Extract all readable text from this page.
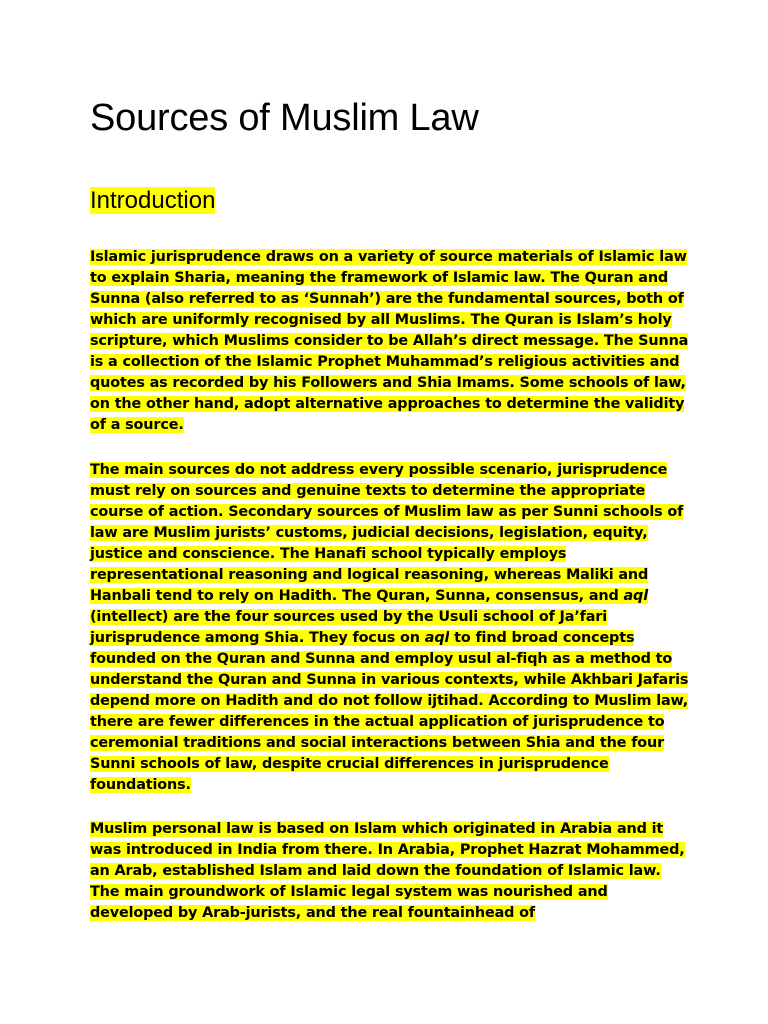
Sources of Muslim Law
Introduction

Islamic jurisprudence draws on a variety of source materials of Islamic law to explain Sharia, meaning the framework of Islamic law. The Quran and Sunna (also referred to as ‘Sunnah’) are the fundamental sources, both of which are uniformly recognised by all Muslims. The Quran is Islam’s holy scripture, which Muslims consider to be Allah’s direct message. The Sunna is a collection of the Islamic Prophet Muhammad’s religious activities and quotes as recorded by his Followers and Shia Imams. Some schools of law, on the other hand, adopt alternative approaches to determine the validity of a source.

The main sources do not address every possible scenario, jurisprudence must rely on sources and genuine texts to determine the appropriate course of action. Secondary sources of Muslim law as per Sunni schools of law are Muslim jurists’ customs, judicial decisions, legislation, equity, justice and conscience. The Hanafi school typically employs representational reasoning and logical reasoning, whereas Maliki and Hanbali tend to rely on Hadith. The Quran, Sunna, consensus, and aql (intellect) are the four sources used by the Usuli school of Ja’fari jurisprudence among Shia. They focus on aql to find broad concepts founded on the Quran and Sunna and employ usul al-fiqh as a method to understand the Quran and Sunna in various contexts, while Akhbari Jafaris depend more on Hadith and do not follow ijtihad. According to Muslim law, there are fewer differences in the actual application of jurisprudence to ceremonial traditions and social interactions between Shia and the four Sunni schools of law, despite crucial differences in jurisprudence foundations.

Muslim personal law is based on Islam which originated in Arabia and it was introduced in India from there. In Arabia, Prophet Hazrat Mohammed, an Arab, established Islam and laid down the foundation of Islamic law. The main groundwork of Islamic legal system was nourished and developed by Arab-jurists, and the real fountainhead of
